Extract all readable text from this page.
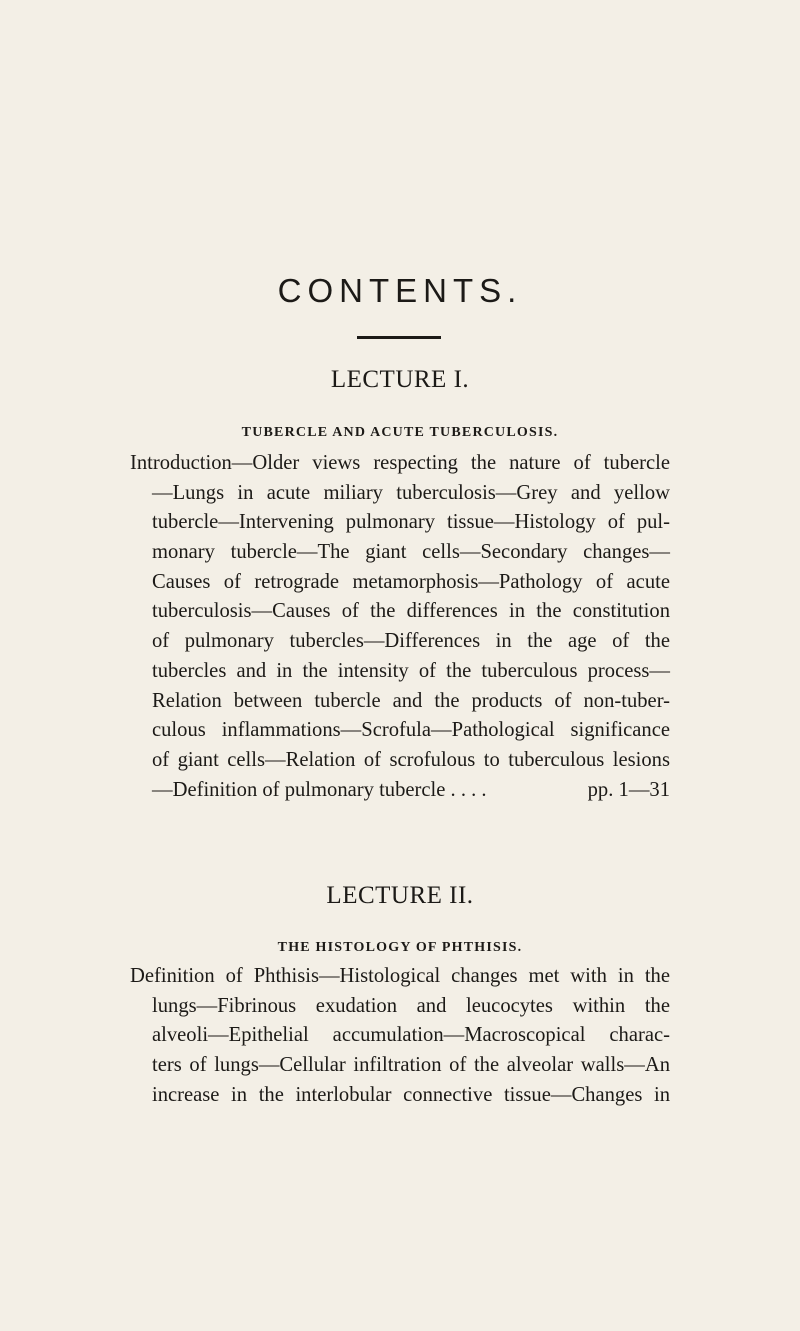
CONTENTS.
LECTURE I.
TUBERCLE AND ACUTE TUBERCULOSIS.
Introduction—Older views respecting the nature of tubercle
—Lungs in acute miliary tuberculosis—Grey and yellow
tubercle—Intervening pulmonary tissue—Histology of pul-
monary tubercle—The giant cells—Secondary changes—
Causes of retrograde metamorphosis—Pathology of acute
tuberculosis—Causes of the differences in the constitution
of pulmonary tubercles—Differences in the age of the
tubercles and in the intensity of the tuberculous process—
Relation between tubercle and the products of non-tuber-
culous inflammations—Scrofula—Pathological significance
of giant cells—Relation of scrofulous to tuberculous lesions
—Definition of pulmonary tubercle . . . .	pp. 1—31
LECTURE II.
THE HISTOLOGY OF PHTHISIS.
Definition of Phthisis—Histological changes met with in the
lungs—Fibrinous exudation and leucocytes within the
alveoli—Epithelial accumulation—Macroscopical charac-
ters of lungs—Cellular infiltration of the alveolar walls—An
increase in the interlobular connective tissue—Changes in
